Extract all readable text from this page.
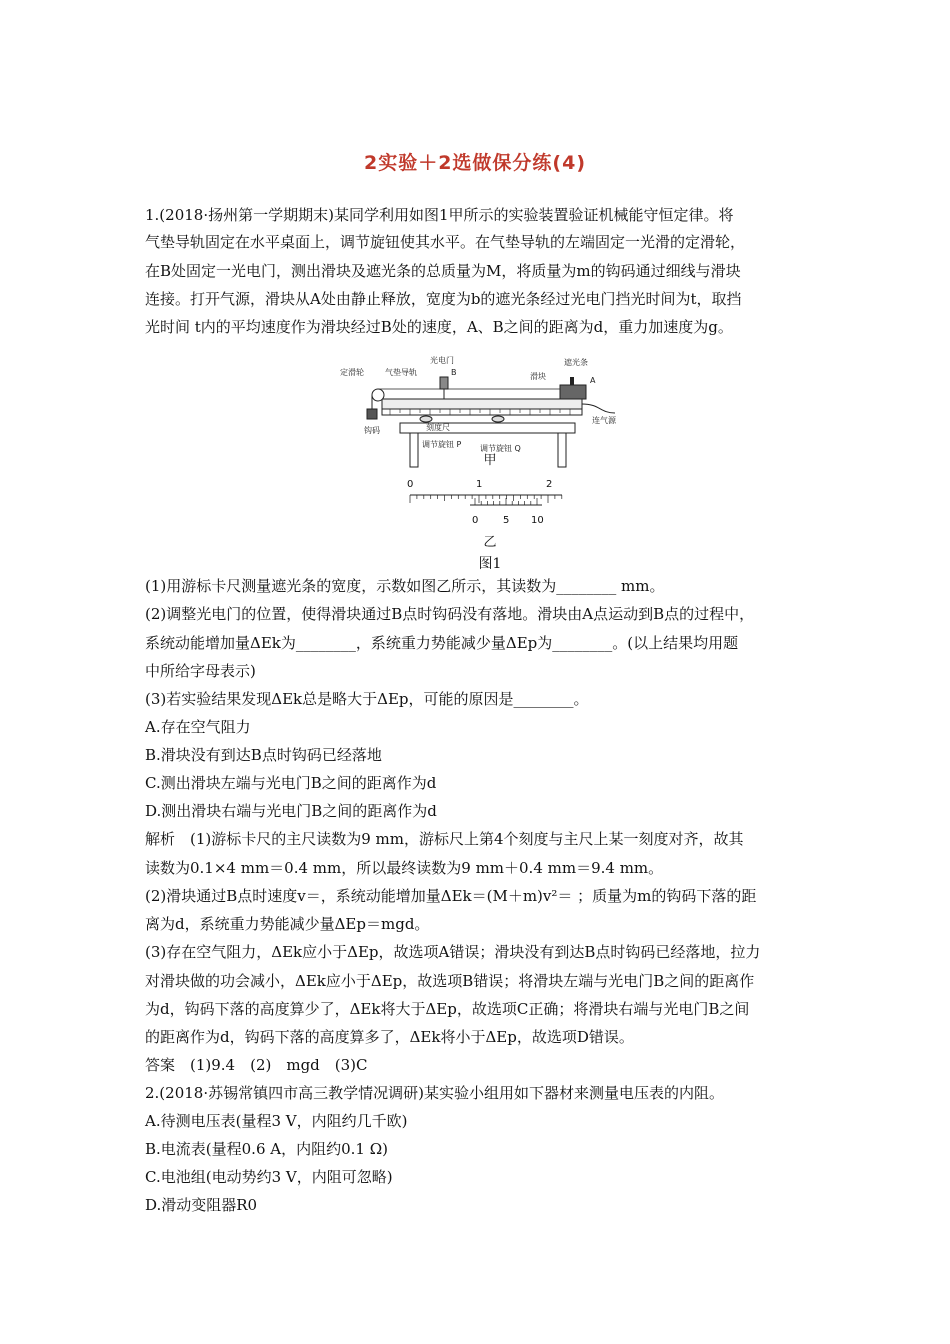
2实验＋2选做保分练(4)
1.(2018·扬州第一学期期末)某同学利用如图1甲所示的实验装置验证机械能守恒定律。将
气垫导轨固定在水平桌面上，调节旋钮使其水平。在气垫导轨的左端固定一光滑的定滑轮，
在B处固定一光电门，测出滑块及遮光条的总质量为M，将质量为m的钩码通过细线与滑块
连接。打开气源，滑块从A处由静止释放，宽度为b的遮光条经过光电门挡光时间为t，取挡
光时间 t内的平均速度作为滑块经过B处的速度，A、B之间的距离为d，重力加速度为g。
(1)用游标卡尺测量遮光条的宽度，示数如图乙所示，其读数为________ mm。
(2)调整光电门的位置，使得滑块通过B点时钩码没有落地。滑块由A点运动到B点的过程中，
系统动能增加量ΔEk为________，系统重力势能减少量ΔEp为________。(以上结果均用题
中所给字母表示)
(3)若实验结果发现ΔEk总是略大于ΔEp，可能的原因是________。
A.存在空气阻力
B.滑块没有到达B点时钩码已经落地
C.测出滑块左端与光电门B之间的距离作为d
D.测出滑块右端与光电门B之间的距离作为d
解析　(1)游标卡尺的主尺读数为9 mm，游标尺上第4个刻度与主尺上某一刻度对齐，故其
读数为0.1×4 mm＝0.4 mm，所以最终读数为9 mm＋0.4 mm＝9.4 mm。
(2)滑块通过B点时速度v＝，系统动能增加量ΔEk＝(M＋m)v²＝ ；质量为m的钩码下落的距
离为d，系统重力势能减少量ΔEp＝mgd。
(3)存在空气阻力，ΔEk应小于ΔEp，故选项A错误；滑块没有到达B点时钩码已经落地，拉力
对滑块做的功会减小，ΔEk应小于ΔEp，故选项B错误；将滑块左端与光电门B之间的距离作
为d，钩码下落的高度算少了，ΔEk将大于ΔEp，故选项C正确；将滑块右端与光电门B之间
的距离作为d，钩码下落的高度算多了，ΔEk将小于ΔEp，故选项D错误。
答案　(1)9.4　(2)　mgd　(3)C
2.(2018·苏锡常镇四市高三教学情况调研)某实验小组用如下器材来测量电压表的内阻。
A.待测电压表(量程3 V，内阻约几千欧)
B.电流表(量程0.6 A，内阻约0.1 Ω)
C.电池组(电动势约3 V，内阻可忽略)
D.滑动变阻器R0
定滑轮	气垫导轨
光电门
B	滑块
遮光条
A
刻度尺
连气源
钩码
调节旋钮 P 调节旋钮 Q
甲
0	1	2
0 5 10
乙
图1
